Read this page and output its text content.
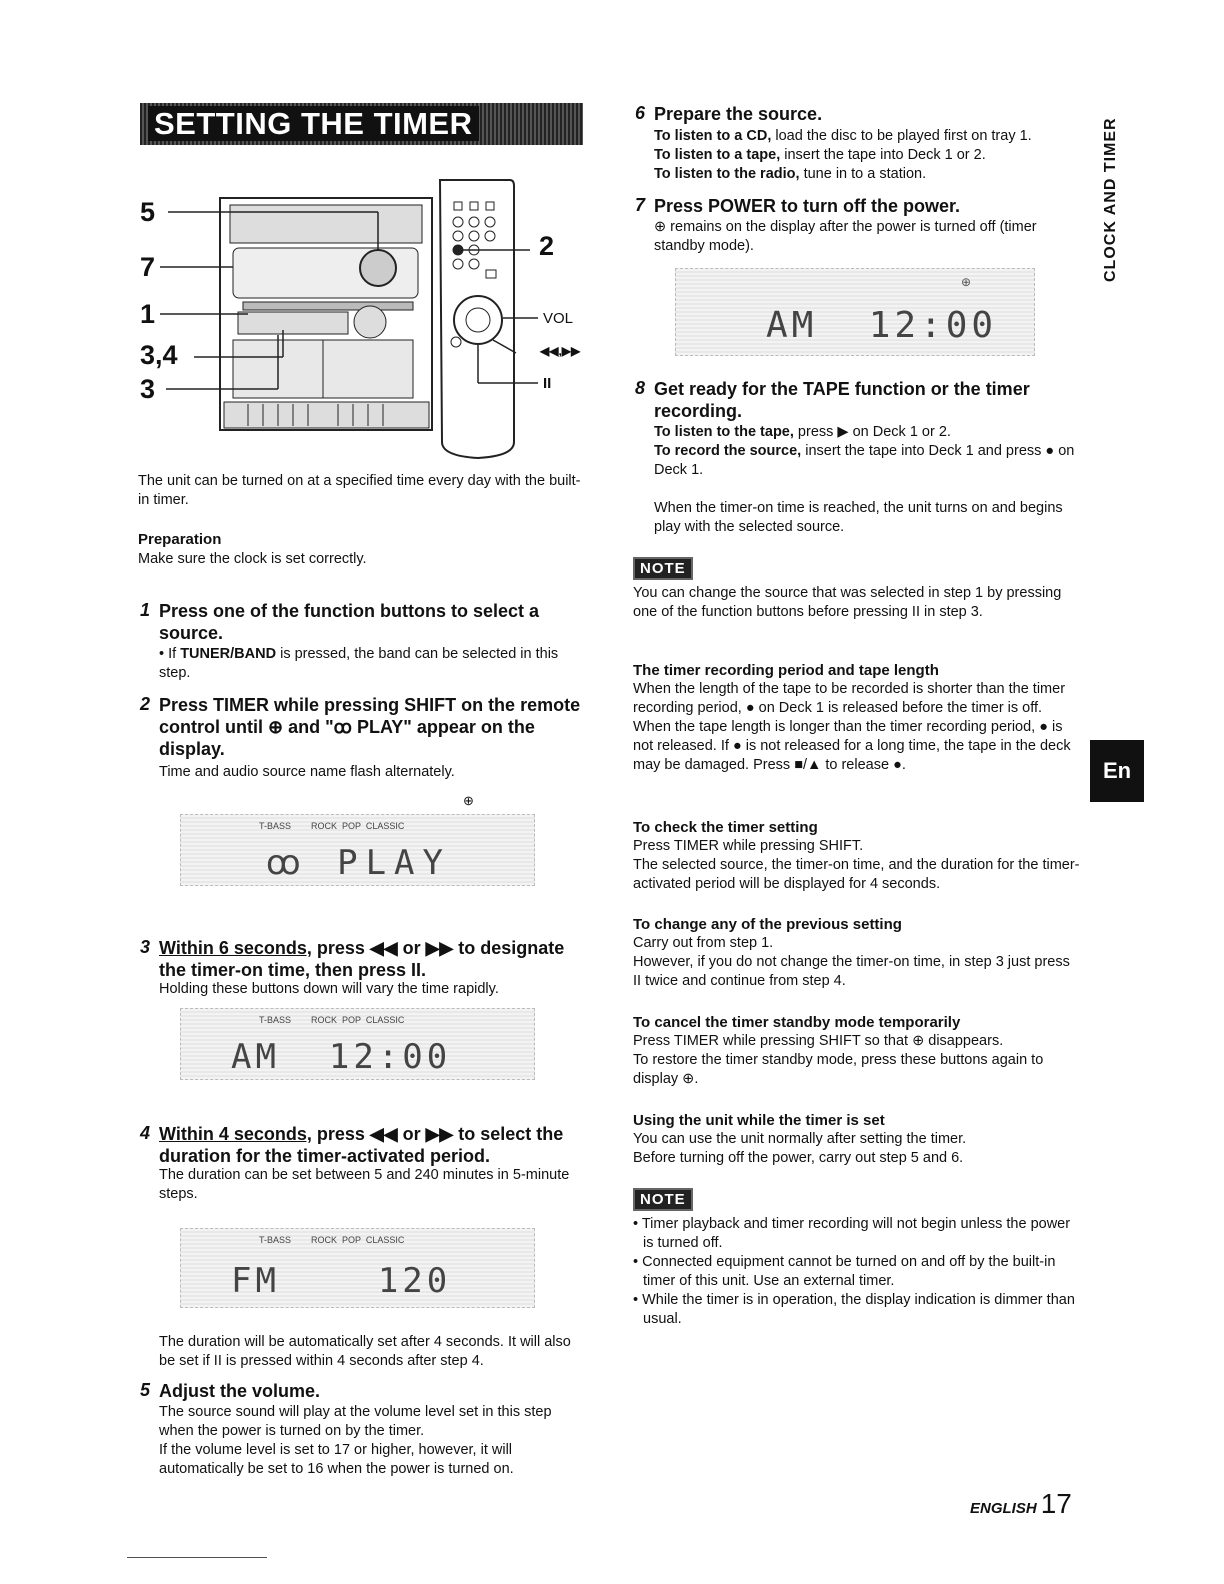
SETTING THE TIMER
5
7
1
3,4
3
2
VOL
◀◀,▶▶
II
The unit can be turned on at a specified time every day with the built-in timer.
Preparation
Make sure the clock is set correctly.
1 Press one of the function buttons to select a source.
• If TUNER/BAND is pressed, the band can be selected in this step.
2 Press TIMER while pressing SHIFT on the remote control until ⊕ and "ꝏ PLAY" appear on the display.
Time and audio source name flash alternately.
⊕
T-BASS        ROCK  POP  CLASSIC
ꝏ PLAY
3 Within 6 seconds, press ◀◀ or ▶▶ to designate the timer-on time, then press II.
Holding these buttons down will vary the time rapidly.
T-BASS        ROCK  POP  CLASSIC
AM  12:00
4 Within 4 seconds, press ◀◀ or ▶▶ to select the duration for the timer-activated period.
The duration can be set between 5 and 240 minutes in 5-minute steps.
T-BASS        ROCK  POP  CLASSIC
FM    120
The duration will be automatically set after 4 seconds. It will also be set if II is pressed within 4 seconds after step 4.
5 Adjust the volume.
The source sound will play at the volume level set in this step when the power is turned on by the timer.
If the volume level is set to 17 or higher, however, it will automatically be set to 16 when the power is turned on.
6 Prepare the source.
To listen to a CD, load the disc to be played first on tray 1.
To listen to a tape, insert the tape into Deck 1 or 2.
To listen to the radio, tune in to a station.
7 Press POWER to turn off the power.
⊕ remains on the display after the power is turned off (timer standby mode).
⊕
AM  12:00
8 Get ready for the TAPE function or the timer recording.
To listen to the tape, press ▶ on Deck 1 or 2.
To record the source, insert the tape into Deck 1 and press ● on Deck 1.
When the timer-on time is reached, the unit turns on and begins play with the selected source.
NOTE
You can change the source that was selected in step 1 by pressing one of the function buttons before pressing II in step 3.
The timer recording period and tape length
When the length of the tape to be recorded is shorter than the timer recording period, ● on Deck 1 is released before the timer is off.
When the tape length is longer than the timer recording period, ● is not released. If ● is not released for a long time, the tape in the deck may be damaged. Press ■/▲ to release ●.
To check the timer setting
Press TIMER while pressing SHIFT.
The selected source, the timer-on time, and the duration for the timer-activated period will be displayed for 4 seconds.
To change any of the previous setting
Carry out from step 1.
However, if you do not change the timer-on time, in step 3 just press II twice and continue from step 4.
To cancel the timer standby mode temporarily
Press TIMER while pressing SHIFT so that ⊕ disappears.
To restore the timer standby mode, press these buttons again to display ⊕.
Using the unit while the timer is set
You can use the unit normally after setting the timer.
Before turning off the power, carry out step 5 and 6.
NOTE
• Timer playback and timer recording will not begin unless the power is turned off.
• Connected equipment cannot be turned on and off by the built-in timer of this unit. Use an external timer.
• While the timer is in operation, the display indication is dimmer than usual.
CLOCK AND TIMER
En
ENGLISH 17
